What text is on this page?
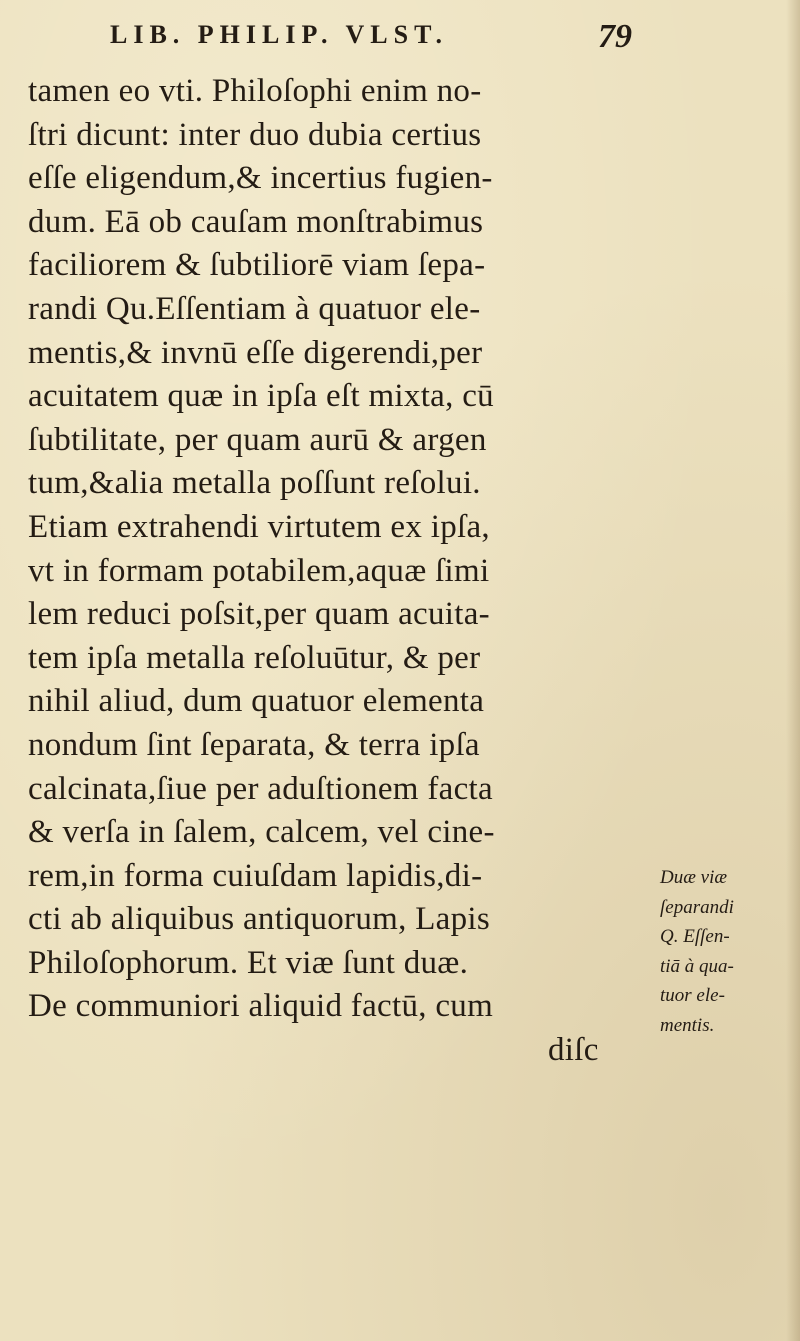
LIB. PHILIP. VLST.	79
tamen eo vti. Philoſophi enim no-
ſtri dicunt: inter duo dubia certius
eſſe eligendum,& incertius fugien-
dum. Eā ob cauſam monſtrabimus
faciliorem & ſubtiliorē viam ſepa-
randi Qu.Eſſentiam à quatuor ele-
mentis,& invnū eſſe digerendi,per
acuitatem quæ in ipſa eſt mixta, cū
ſubtilitate, per quam aurū & argen
tum,&alia metalla poſſunt reſolui.
Etiam extrahendi virtutem ex ipſa,
vt in formam potabilem,aquæ ſimi
lem reduci poſsit,per quam acuita-
tem ipſa metalla reſoluūtur, & per
nihil aliud, dum quatuor elementa
nondum ſint ſeparata, & terra ipſa
calcinata,ſiue per aduſtionem facta
& verſa in ſalem, calcem, vel cine-
rem,in forma cuiuſdam lapidis,di-
cti ab aliquibus antiquorum, Lapis
Philoſophorum. Et viæ ſunt duæ.
De communiori aliquid factū, cum
diſc
Duæ viæ
ſeparandi
Q. Eſſen-
tiā à qua-
tuor ele-
mentis.
